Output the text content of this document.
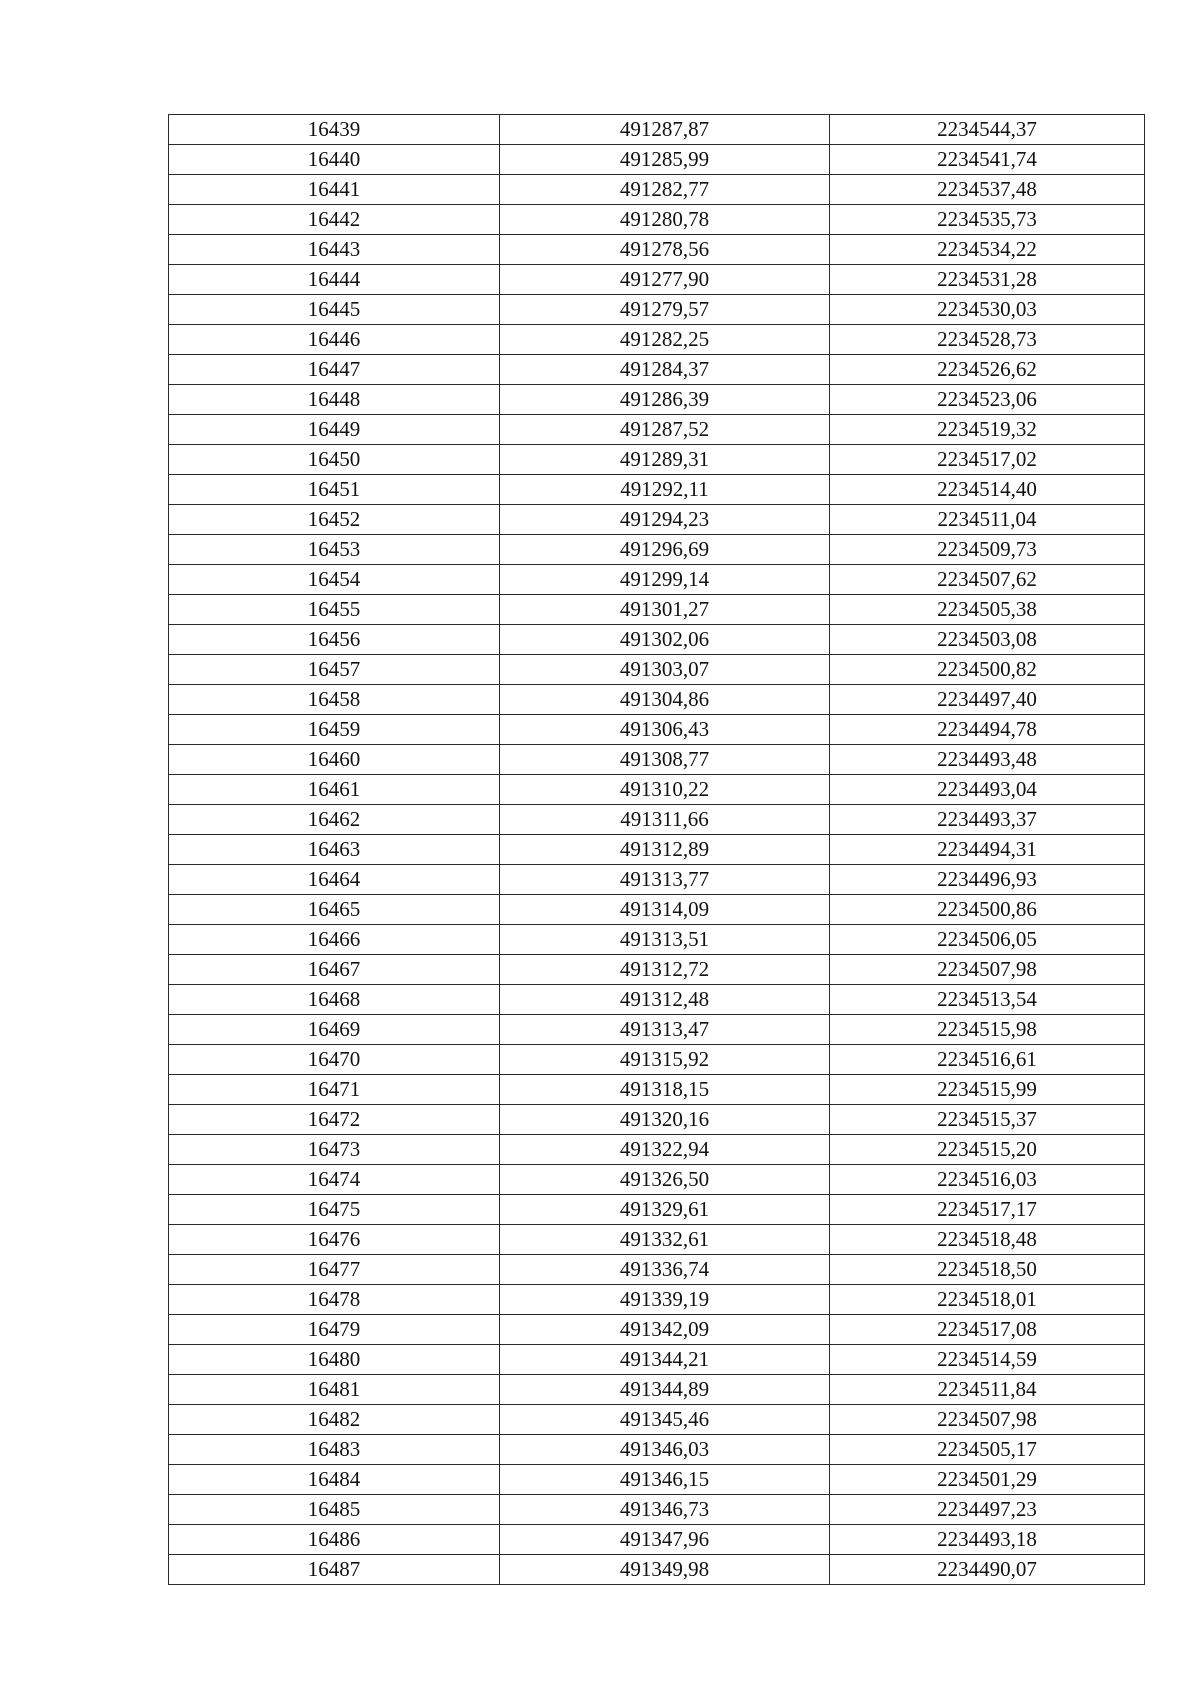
16439	491287,87	2234544,37
16440	491285,99	2234541,74
16441	491282,77	2234537,48
16442	491280,78	2234535,73
16443	491278,56	2234534,22
16444	491277,90	2234531,28
16445	491279,57	2234530,03
16446	491282,25	2234528,73
16447	491284,37	2234526,62
16448	491286,39	2234523,06
16449	491287,52	2234519,32
16450	491289,31	2234517,02
16451	491292,11	2234514,40
16452	491294,23	2234511,04
16453	491296,69	2234509,73
16454	491299,14	2234507,62
16455	491301,27	2234505,38
16456	491302,06	2234503,08
16457	491303,07	2234500,82
16458	491304,86	2234497,40
16459	491306,43	2234494,78
16460	491308,77	2234493,48
16461	491310,22	2234493,04
16462	491311,66	2234493,37
16463	491312,89	2234494,31
16464	491313,77	2234496,93
16465	491314,09	2234500,86
16466	491313,51	2234506,05
16467	491312,72	2234507,98
16468	491312,48	2234513,54
16469	491313,47	2234515,98
16470	491315,92	2234516,61
16471	491318,15	2234515,99
16472	491320,16	2234515,37
16473	491322,94	2234515,20
16474	491326,50	2234516,03
16475	491329,61	2234517,17
16476	491332,61	2234518,48
16477	491336,74	2234518,50
16478	491339,19	2234518,01
16479	491342,09	2234517,08
16480	491344,21	2234514,59
16481	491344,89	2234511,84
16482	491345,46	2234507,98
16483	491346,03	2234505,17
16484	491346,15	2234501,29
16485	491346,73	2234497,23
16486	491347,96	2234493,18
16487	491349,98	2234490,07
